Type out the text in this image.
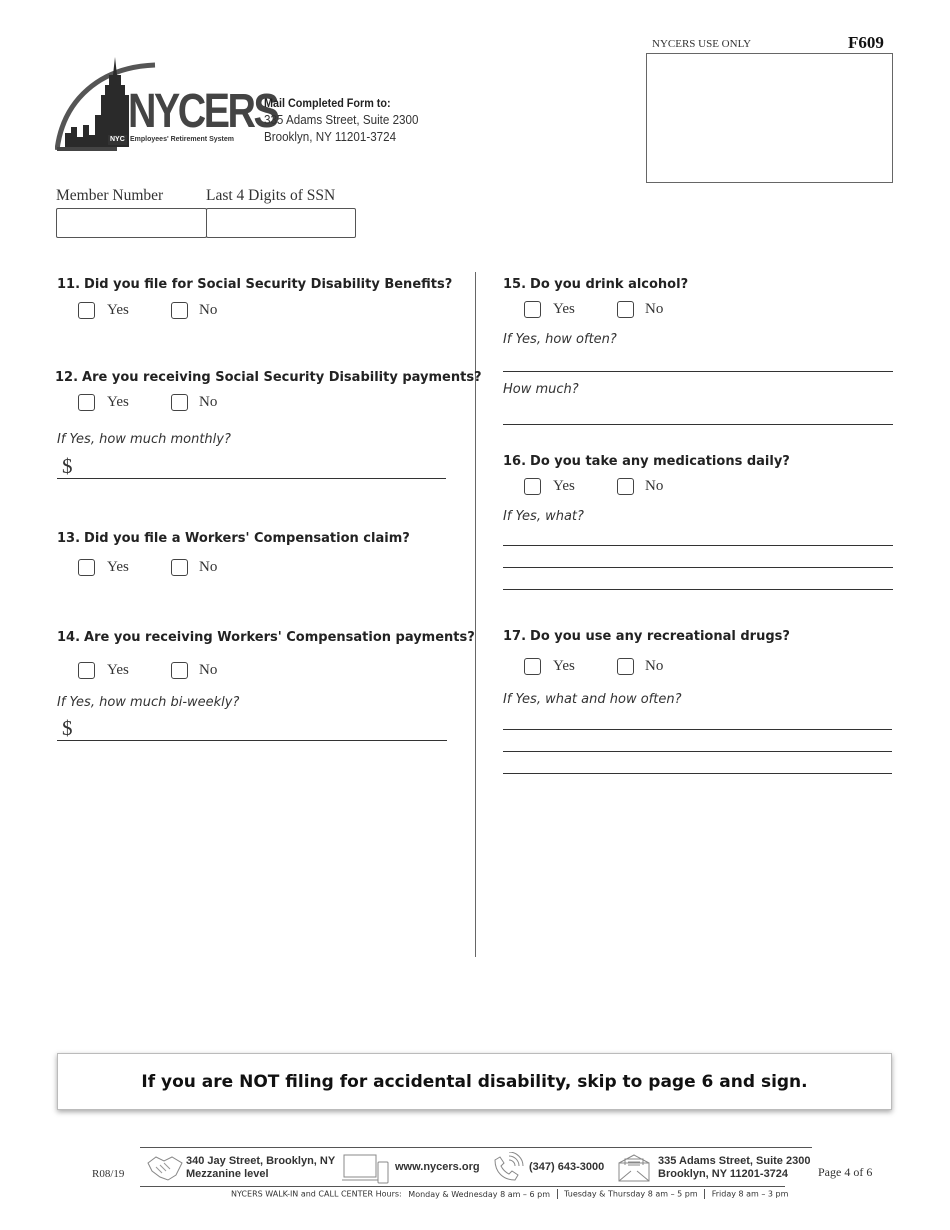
NYCERS USE ONLY	F609
NYCERS
NYC Employees' Retirement System
Mail Completed Form to:
335 Adams Street, Suite 2300
Brooklyn, NY 11201-3724
Member Number	Last 4 Digits of SSN
11. Did you file for Social Security Disability Benefits?
Yes	No
12. Are you receiving Social Security Disability payments?
Yes	No
If Yes, how much monthly?
$
13. Did you file a Workers' Compensation claim?
Yes	No
14. Are you receiving Workers' Compensation payments?
Yes	No
If Yes, how much bi-weekly?
$
15. Do you drink alcohol?
Yes	No
If Yes, how often?
How much?
16. Do you take any medications daily?
Yes	No
If Yes, what?
17. Do you use any recreational drugs?
Yes	No
If Yes, what and how often?
If you are NOT filing for accidental disability, skip to page 6 and sign.
R08/19	Page 4 of 6
340 Jay Street, Brooklyn, NY
Mezzanine level
www.nycers.org	(347) 643-3000	335 Adams Street, Suite 2300
Brooklyn, NY 11201-3724
NYCERS WALK-IN and CALL CENTER Hours: Monday & Wednesday 8 am – 6 pm Tuesday & Thursday 8 am – 5 pm Friday 8 am – 3 pm
